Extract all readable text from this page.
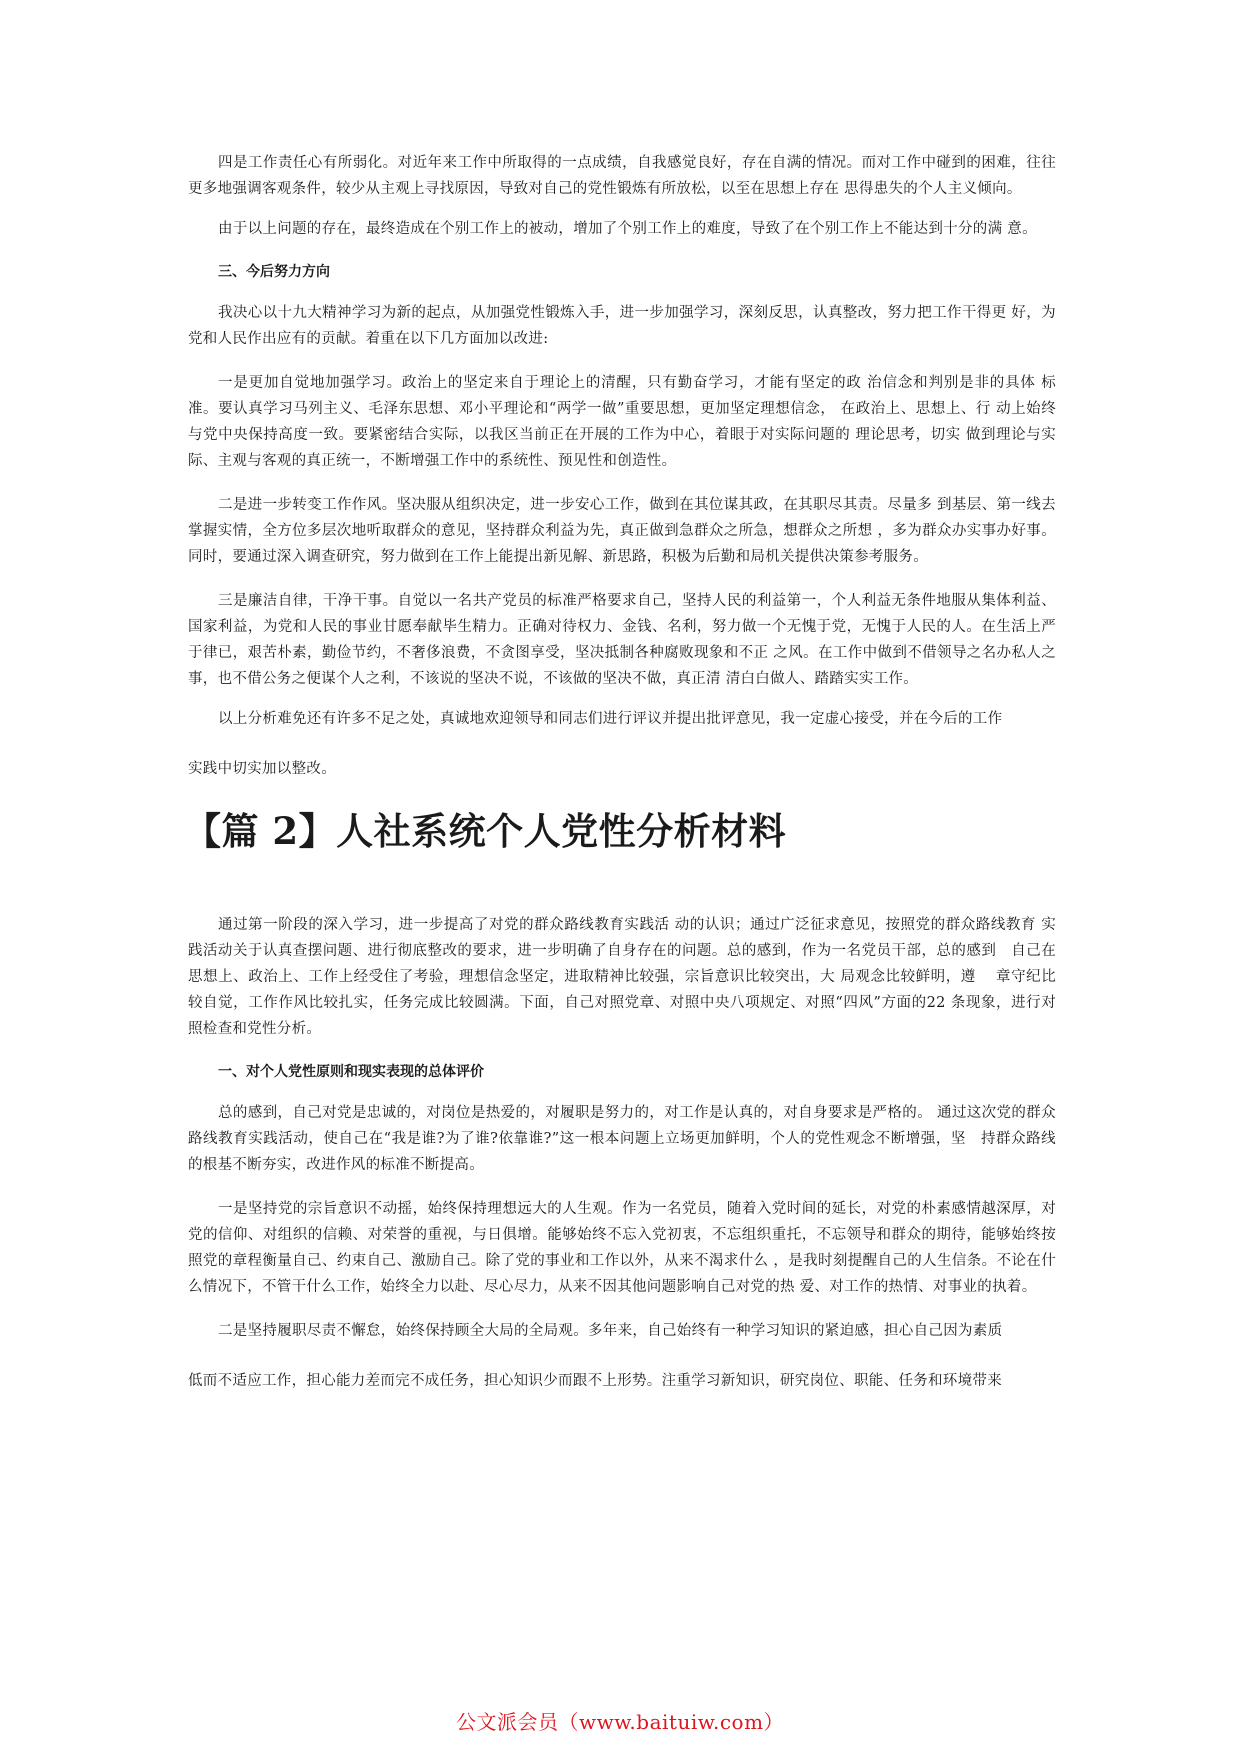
四是工作责任心有所弱化。对近年来工作中所取得的一点成绩，自我感觉良好，存在自满的情况。而对工作中碰到的困难，往往更多地强调客观条件，较少从主观上寻找原因，导致对自己的党性锻炼有所放松，以至在思想上存在 思得患失的个人主义倾向。

由于以上问题的存在，最终造成在个别工作上的被动，增加了个别工作上的难度，导致了在个别工作上不能达到十分的满 意。

三、今后努力方向

我决心以十九大精神学习为新的起点，从加强党性锻炼入手，进一步加强学习，深刻反思，认真整改，努力把工作干得更 好，为党和人民作出应有的贡献。着重在以下几方面加以改进:

一是更加自觉地加强学习。政治上的坚定来自于理论上的清醒，只有勤奋学习，才能有坚定的政 治信念和判别是非的具体 标准。要认真学习马列主义、毛泽东思想、邓小平理论和“两学一做”重要思想，更加坚定理想信念， 在政治上、思想上、行 动上始终与党中央保持高度一致。要紧密结合实际，以我区当前正在开展的工作为中心，着眼于对实际问题的 理论思考，切实 做到理论与实际、主观与客观的真正统一，不断增强工作中的系统性、预见性和创造性。

二是进一步转变工作作风。坚决服从组织决定，进一步安心工作，做到在其位谋其政，在其职尽其责。尽量多 到基层、第一线去掌握实情，全方位多层次地听取群众的意见，坚持群众利益为先，真正做到急群众之所急，想群众之所想 ，多为群众办实事办好事。同时，要通过深入调查研究，努力做到在工作上能提出新见解、新思路，积极为后勤和局机关提供决策参考服务。

三是廉洁自律，干净干事。自觉以一名共产党员的标准严格要求自己，坚持人民的利益第一，个人利益无条件地服从集体利益、国家利益，为党和人民的事业甘愿奉献毕生精力。正确对待权力、金钱、名利，努力做一个无愧于党，无愧于人民的人。在生活上严于律已，艰苦朴素，勤俭节约，不奢侈浪费，不贪图享受，坚决抵制各种腐败现象和不正 之风。在工作中做到不借领导之名办私人之事，也不借公务之便谋个人之利，不该说的坚决不说，不该做的坚决不做，真正清 清白白做人、踏踏实实工作。

以上分析难免还有许多不足之处，真诚地欢迎领导和同志们进行评议并提出批评意见，我一定虚心接受，并在今后的工作

实践中切实加以整改。

【篇 2】人社系统个人党性分析材料

通过第一阶段的深入学习，进一步提高了对党的群众路线教育实践活 动的认识；通过广泛征求意见，按照党的群众路线教育 实践活动关于认真查摆问题、进行彻底整改的要求，进一步明确了自身存在的问题。总的感到，作为一名党员干部，总的感到　自己在思想上、政治上、工作上经受住了考验，理想信念坚定，进取精神比较强，宗旨意识比较突出，大 局观念比较鲜明，遵　 章守纪比较自觉，工作作风比较扎实，任务完成比较圆满。下面，自己对照党章、对照中央八项规定、对照“四风”方面的22 条现象，进行对照检查和党性分析。

一、对个人党性原则和现实表现的总体评价

总的感到，自己对党是忠诚的，对岗位是热爱的，对履职是努力的，对工作是认真的，对自身要求是严格的。 通过这次党的群众路线教育实践活动，使自己在“我是谁?为了谁?依靠谁?”这一根本问题上立场更加鲜明，个人的党性观念不断增强，坚　持群众路线的根基不断夯实，改进作风的标准不断提高。

一是坚持党的宗旨意识不动摇，始终保持理想远大的人生观。作为一名党员，随着入党时间的延长，对党的朴素感情越深厚，对党的信仰、对组织的信赖、对荣誉的重视，与日俱增。能够始终不忘入党初衷，不忘组织重托，不忘领导和群众的期待，能够始终按照党的章程衡量自己、约束自己、激励自己。除了党的事业和工作以外，从来不渴求什么 ，是我时刻提醒自己的人生信条。不论在什么情况下，不管干什么工作，始终全力以赴、尽心尽力，从来不因其他问题影响自己对党的热 爱、对工作的热情、对事业的执着。

二是坚持履职尽责不懈怠，始终保持顾全大局的全局观。多年来，自己始终有一种学习知识的紧迫感，担心自己因为素质

低而不适应工作，担心能力差而完不成任务，担心知识少而跟不上形势。注重学习新知识，研究岗位、职能、任务和环境带来

公文派会员（www.baituiw.com）
